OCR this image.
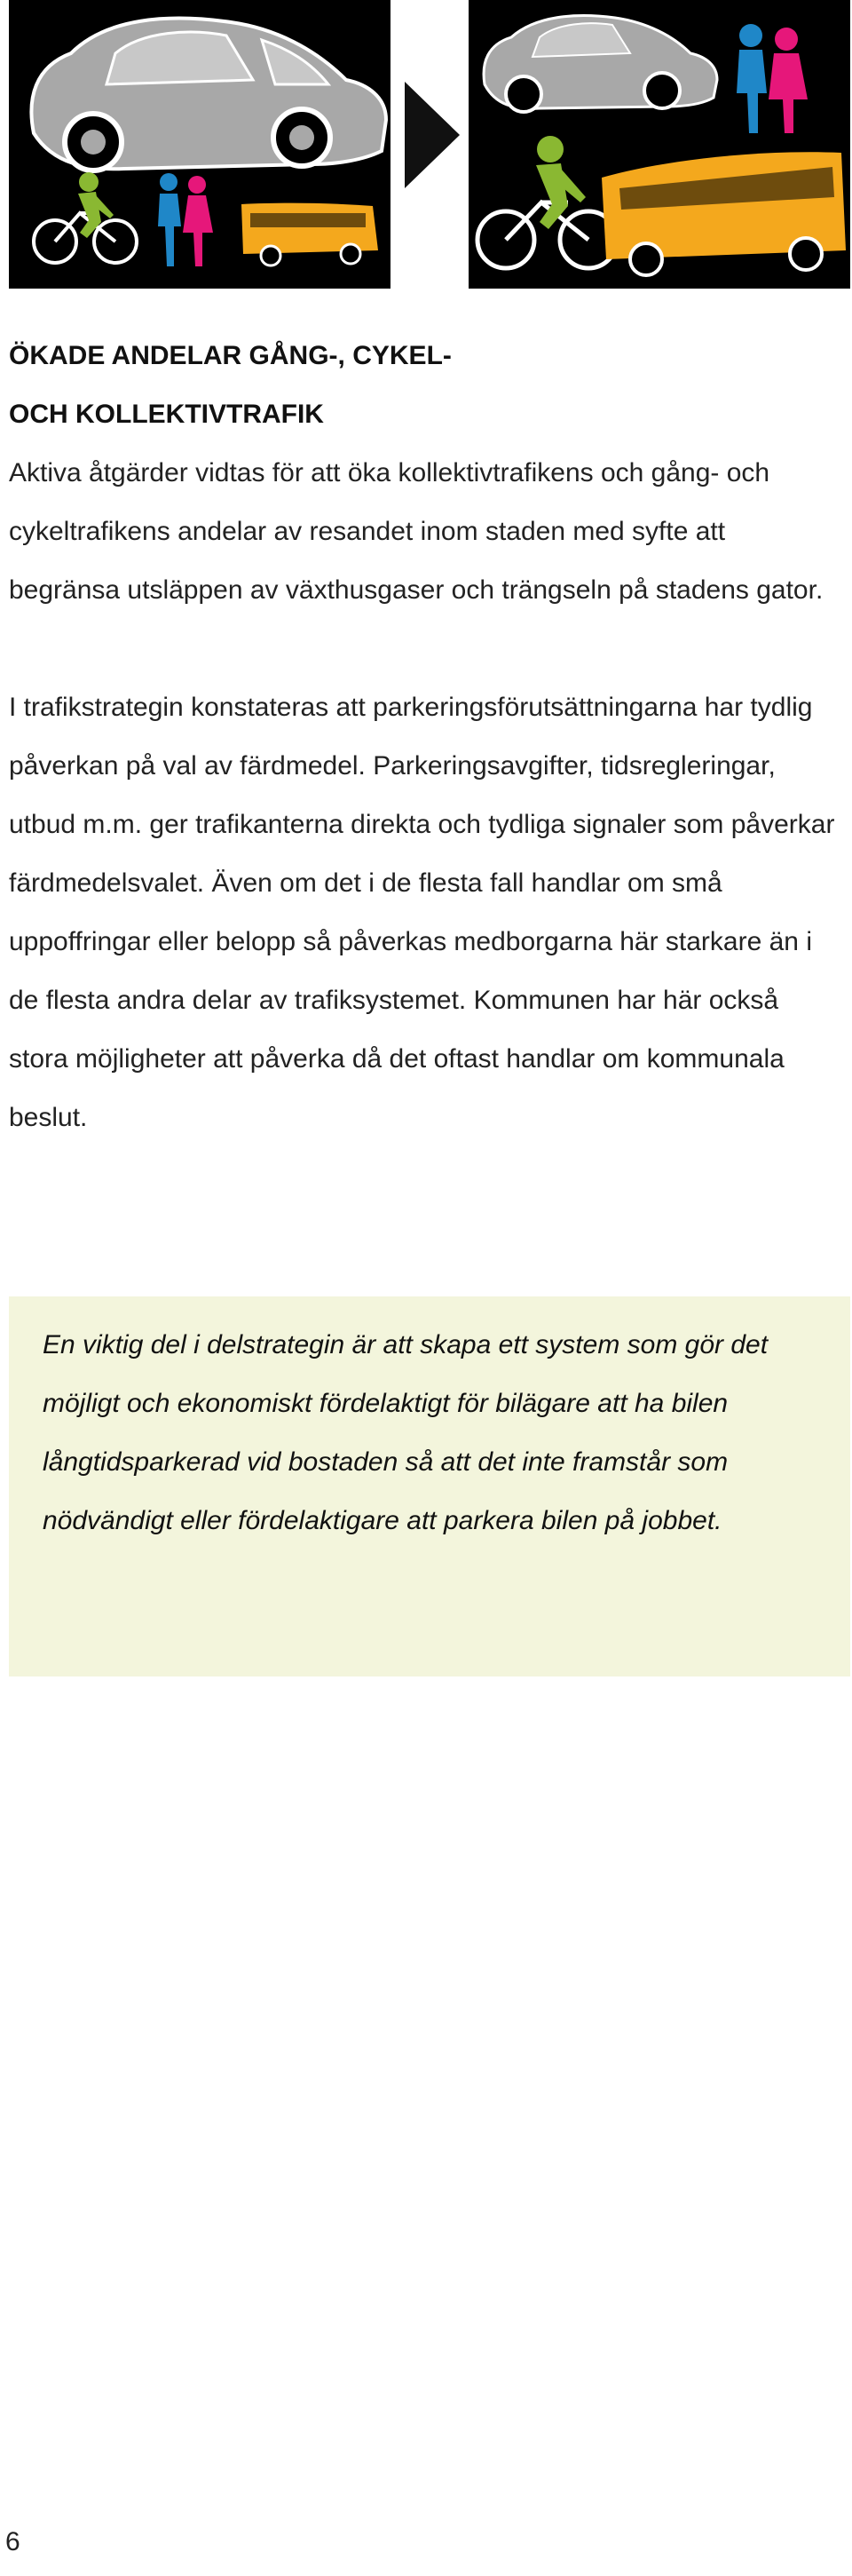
ÖKADE ANDELAR GÅNG-, CYKEL-
OCH KOLLEKTIVTRAFIK

Aktiva åtgärder vidtas för att öka kollektivtrafikens och gång- och cykeltrafikens andelar av resandet inom staden med syfte att begränsa utsläppen av växthusgaser och trängseln på stadens gator.

I trafikstrategin konstateras att parkeringsförutsättningarna har tydlig påverkan på val av färdmedel. Parkeringsavgifter, tidsregleringar, utbud m.m. ger trafikanterna direkta och tydliga signaler som påverkar färdmedelsvalet. Även om det i de flesta fall handlar om små uppoffringar eller belopp så påverkas medborgarna här starkare än i de flesta andra delar av trafiksystemet. Kommunen har här också stora möjligheter att påverka då det oftast handlar om kommunala beslut.

En viktig del i delstrategin är att skapa ett system som gör det möjligt och ekonomiskt fördelaktigt för bilägare att ha bilen långtidsparkerad vid bostaden så att det inte framstår som nödvändigt eller fördelaktigare att parkera bilen på jobbet.

6
